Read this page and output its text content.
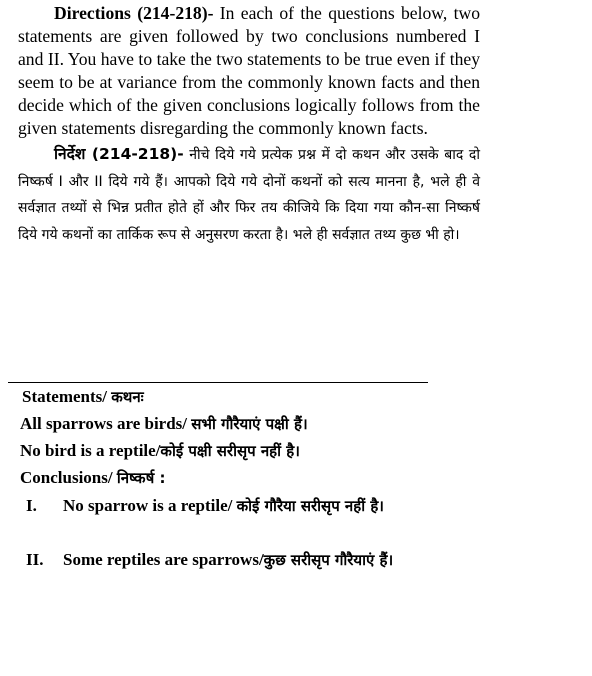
Directions (214-218)- In each of the questions below, two statements are given followed by two conclusions numbered I and II. You have to take the two statements to be true even if they seem to be at variance from the commonly known facts and then decide which of the given conclusions logically follows from the given statements disregarding the commonly known facts.

निर्देश (214-218)- नीचे दिये गये प्रत्येक प्रश्न में दो कथन और उसके बाद दो निष्कर्ष I और II दिये गये हैं। आपको दिये गये दोनों कथनों को सत्य मानना है, भले ही वे सर्वज्ञात तथ्यों से भिन्न प्रतीत होते हों और फिर तय कीजिये कि दिया गया कौन-सा निष्कर्ष दिये गये कथनों का तार्किक रूप से अनुसरण करता है। भले ही सर्वज्ञात तथ्य कुछ भी हो।

Statements/ कथनः
All sparrows are birds/ सभी गौरैयाएं पक्षी हैं।
No bird is a reptile/कोई पक्षी सरीसृप नहीं है।
Conclusions/ निष्कर्ष :
I.	No sparrow is a reptile/ कोई गौरैया सरीसृप नहीं है।
II.	Some reptiles are sparrows/कुछ सरीसृप गौरैयाएं हैं।
